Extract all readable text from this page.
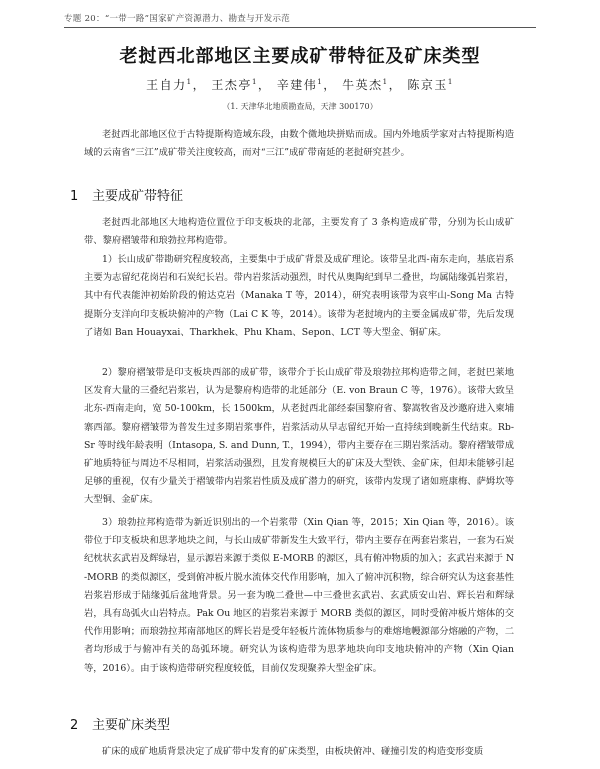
专题 20：“一带一路”国家矿产资源潜力、勘查与开发示范
老挝西北部地区主要成矿带特征及矿床类型
王自力$^1$， 王杰亭$^1$， 辛建伟$^1$， 牛英杰$^1$， 陈京玉$^1$
（1. 天津华北地质勘查局，天津 300170）

老挝西北部地区位于古特提斯构造域东段，由数个微地块拼贴而成。国内外地质学家对古特提斯构造域的云南省“三江”成矿带关注度较高，而对“三江”成矿带南延的老挝研究甚少。

1 主要成矿带特征

老挝西北部地区大地构造位置位于印支板块的北部，主要发育了 3 条构造成矿带，分别为长山成矿带、黎府褶皱带和琅勃拉邦构造带。

1）长山成矿带勘研究程度较高，主要集中于成矿背景及成矿理论。该带呈北西-南东走向，基底岩系主要为志留纪花岗岩和石炭纪长岩。带内岩浆活动强烈，时代从奥陶纪到早二叠世，均属陆缘弧岩浆岩，其中有代表能沖初始阶段的俯达克岩（Manaka T 等，2014），研究表明该带为哀牢山-Song Ma 古特提斯分支洋向印支板块俯冲的产物（Lai C K 等，2014）。该带为老挝境内的主要金属成矿带，先后发现了诸如 Ban Houayxai、Tharkhek、Phu Kham、Sepon、LCT 等大型金、铜矿床。

2）黎府褶皱带是印支板块西部的成矿带，该带介于长山成矿带及琅勃拉邦构造带之间，老挝巴莱地区发育大量的三叠纪岩浆岩，认为是黎府构造带的北延部分（E. von Braun C 等，1976）。该带大致呈北东-西南走向，宽 50-100km，长 1500km，从老挝西北部经泰国黎府省、黎嵩牧省及沙邀府进入柬埔寨西部。黎府褶皱带为普发生过多期岩浆事件，岩浆活动从早志留纪开始一直持续到晚新生代结束。Rb-Sr 等时线年龄表明（Intasopa, S. and Dunn, T.，1994），带内主要存在三期岩浆活动。黎府褶皱带成矿地质特征与周边不尽相同，岩浆活动强烈，且发育规模巨大的矿床及大型铁、金矿床，但却未能够引起足够的重视，仅有少量关于褶皱带内岩浆岩性质及成矿潜力的研究，该带内发现了诸如班康梅、萨姆坎等大型铜、金矿床。

3）琅勃拉邦构造带为新近识别出的一个岩浆带（Xin Qian 等，2015；Xin Qian 等，2016）。该带位于印支板块和思茅地块之间，与长山成矿带新发生大致平行，带内主要存在两套岩浆岩，一套为石炭纪枕状玄武岩及辉绿岩，显示源岩来源于类似 E-MORB 的源区，具有俯冲物质的加入；玄武岩来源于 N-MORB 的类似源区，受到俯冲板片脱水流体交代作用影响，加入了俯冲沉积物，综合研究认为这套基性岩浆岩形成于陆缘弧后盆地背景。另一套为晚二叠世—中三叠世玄武岩、玄武质安山岩、辉长岩和辉绿岩，具有岛弧火山岩特点。Pak Ou 地区的岩浆岩来源于 MORB 类似的源区，同时受俯冲板片熔体的交代作用影响；而琅勃拉邦南部地区的辉长岩是受年轻板片流体物质参与的难熔地幔源部分熔融的产物，二者均形成于与俯冲有关的岛弧环境。研究认为该构造带为思茅地块向印支地块俯冲的产物（Xin Qian 等，2016）。由于该构造带研究程度较低，目前仅发现聚养大型金矿床。

2 主要矿床类型

矿床的成矿地质背景决定了成矿带中发育的矿床类型，由板块俯冲、碰撞引发的构造变形变质
